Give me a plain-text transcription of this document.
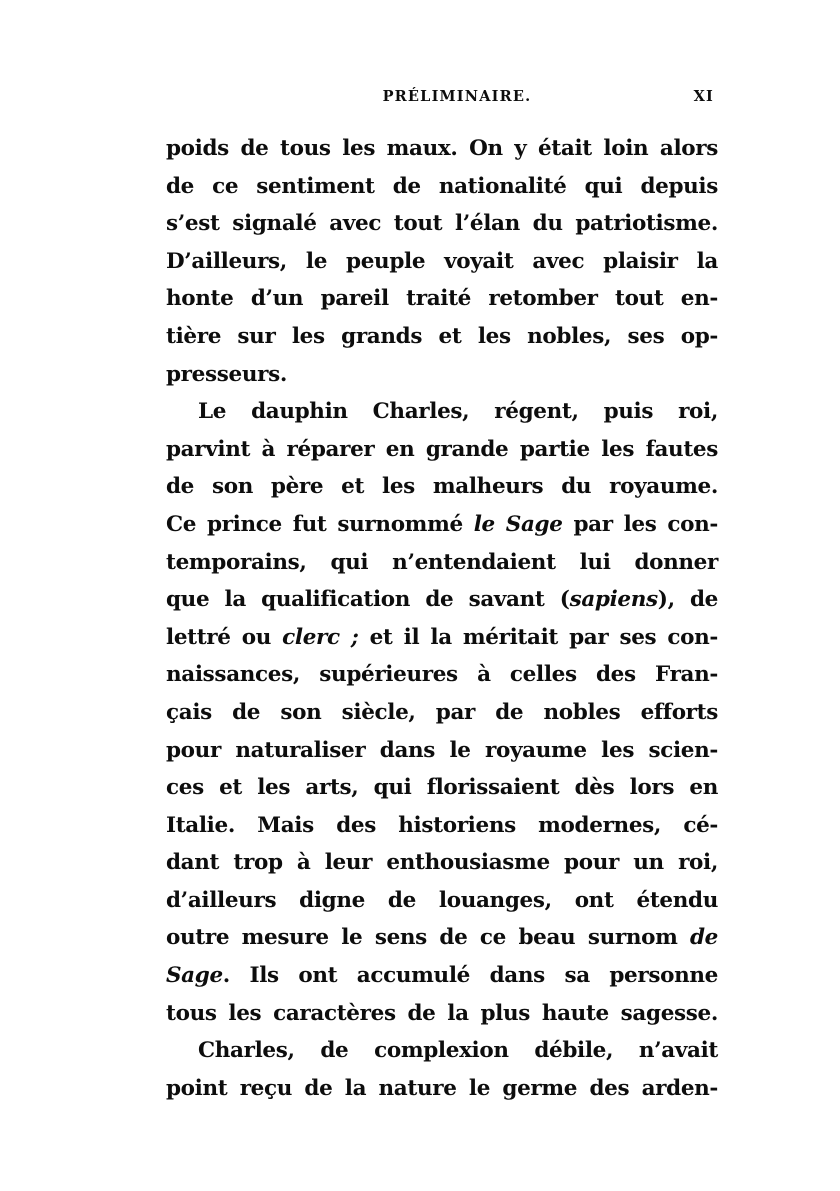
PRÉLIMINAIRE.	XI
poids de tous les maux. On y était loin alors
de ce sentiment de nationalité qui depuis
s’est signalé avec tout l’élan du patriotisme.
D’ailleurs, le peuple voyait avec plaisir la
honte d’un pareil traité retomber tout en-
tière sur les grands et les nobles, ses op-
presseurs.
Le dauphin Charles, régent, puis roi,
parvint à réparer en grande partie les fautes
de son père et les malheurs du royaume.
Ce prince fut surnommé le Sage par les con-
temporains, qui n’entendaient lui donner
que la qualification de savant (sapiens), de
lettré ou clerc ; et il la méritait par ses con-
naissances, supérieures à celles des Fran-
çais de son siècle, par de nobles efforts
pour naturaliser dans le royaume les scien-
ces et les arts, qui florissaient dès lors en
Italie. Mais des historiens modernes, cé-
dant trop à leur enthousiasme pour un roi,
d’ailleurs digne de louanges, ont étendu
outre mesure le sens de ce beau surnom de
Sage. Ils ont accumulé dans sa personne
tous les caractères de la plus haute sagesse.
Charles, de complexion débile, n’avait
point reçu de la nature le germe des arden-
